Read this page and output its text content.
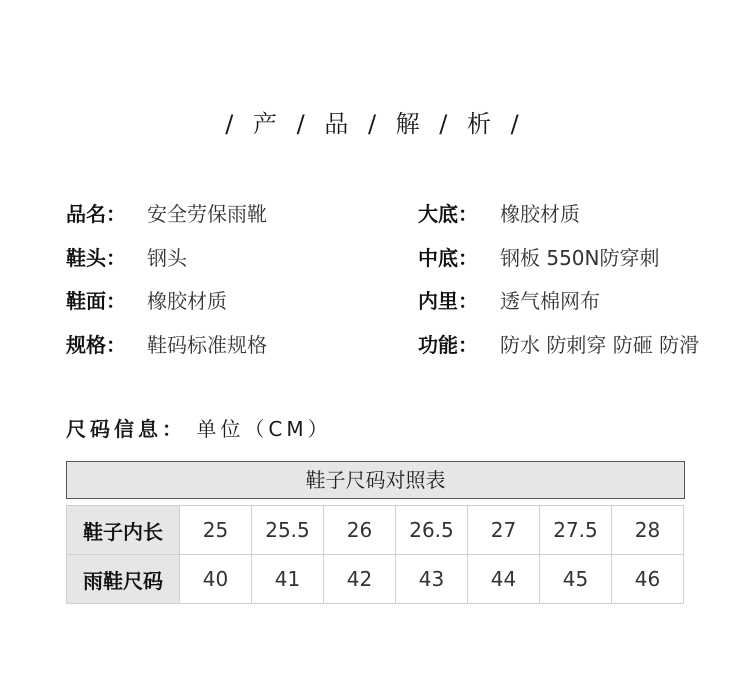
/ 产 / 品 / 解 / 析 /
品名： 安全劳保雨靴	大底： 橡胶材质
鞋头： 钢头	中底： 钢板 550N防穿刺
鞋面： 橡胶材质	内里： 透气棉网布
规格： 鞋码标准规格	功能： 防水 防刺穿 防砸 防滑
尺码信息： 单位（CM）
鞋子尺码对照表
鞋子内长	25	25.5	26	26.5	27	27.5	28
雨鞋尺码	40	41	42	43	44	45	46
